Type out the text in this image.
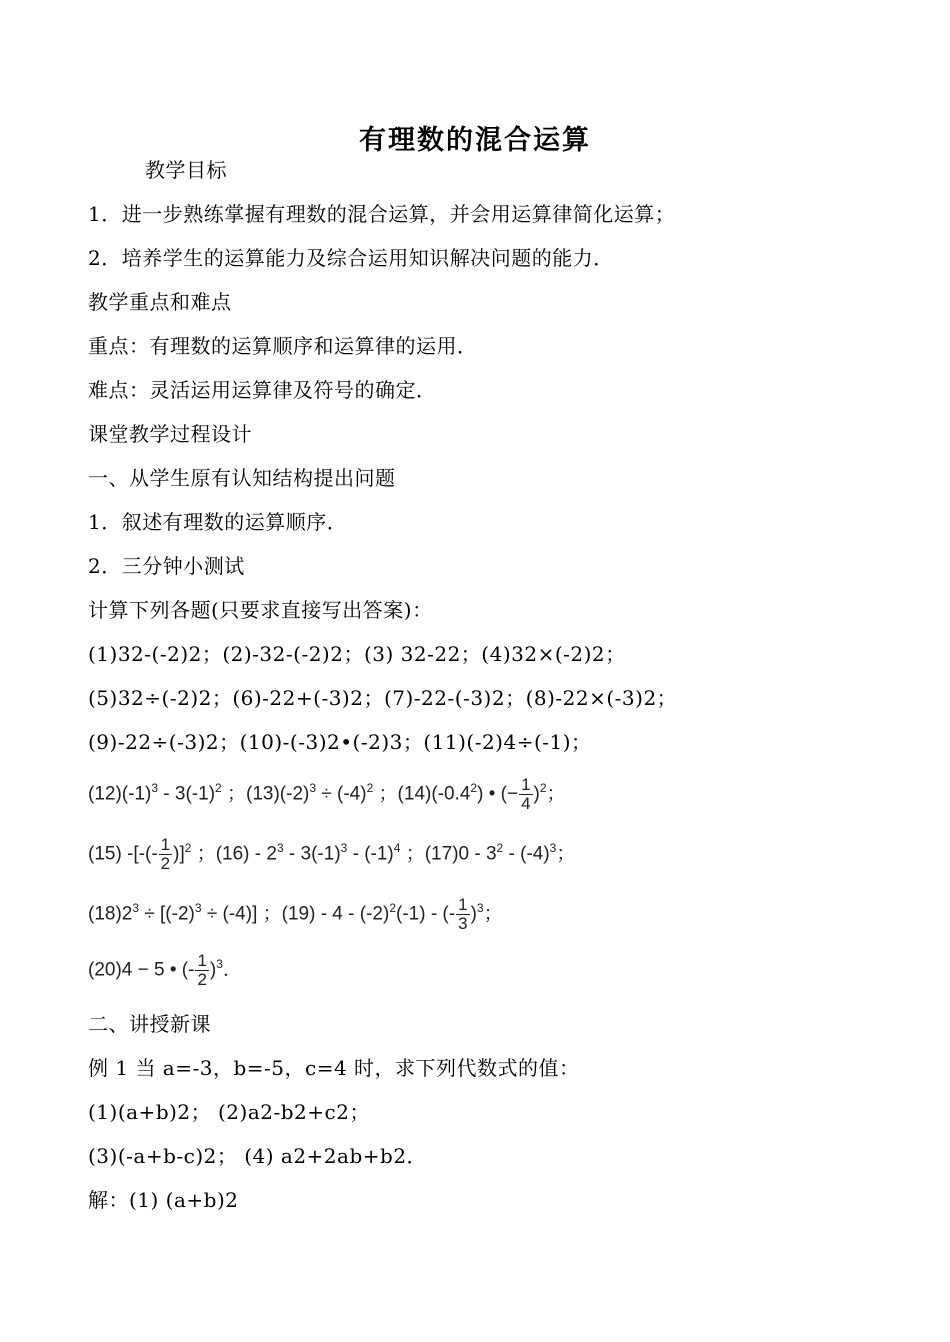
有理数的混合运算
教学目标
1．进一步熟练掌握有理数的混合运算，并会用运算律简化运算；
2．培养学生的运算能力及综合运用知识解决问题的能力．
教学重点和难点
重点：有理数的运算顺序和运算律的运用．
难点：灵活运用运算律及符号的确定．
课堂教学过程设计
一、从学生原有认知结构提出问题
1．叙述有理数的运算顺序．
2．三分钟小测试
计算下列各题(只要求直接写出答案)：
(1)32-(-2)2；(2)-32-(-2)2；(3) 32-22；(4)32×(-2)2；
(5)32÷(-2)2；(6)-22+(-3)2；(7)-22-(-3)2；(8)-22×(-3)2；
(9)-22÷(-3)2；(10)-(-3)2•(-2)3；(11)(-2)4÷(-1)；
$(12)(-1)^3 - 3(-1)^2$ ；$(13)(-2)^3 \div (-4)^2$ ；$(14)(-0.4^2)$ • (− $\frac{1}{4} )^2$；
(15) -[-(- $\frac{1}{2} )]^2$ ；$(16) - 2^3 - 3(-1)^3 - (-1)^4$ ；$(17)0 - 3^2 - (-4)^3$；
$(18)2^3 \div [(-2)^3 \div (-4)]$ ；$(19) - 4 - (-2)^2(-1)$ - (- $\frac{1}{3} )^3$；
(20)4 − 5 • (- $\frac{1}{2} )^3$．
二、讲授新课
例 1 当 a=-3，b=-5，c=4 时，求下列代数式的值：
(1)(a+b)2； (2)a2-b2+c2；
(3)(-a+b-c)2； (4) a2+2ab+b2．
解：(1) (a+b)2
